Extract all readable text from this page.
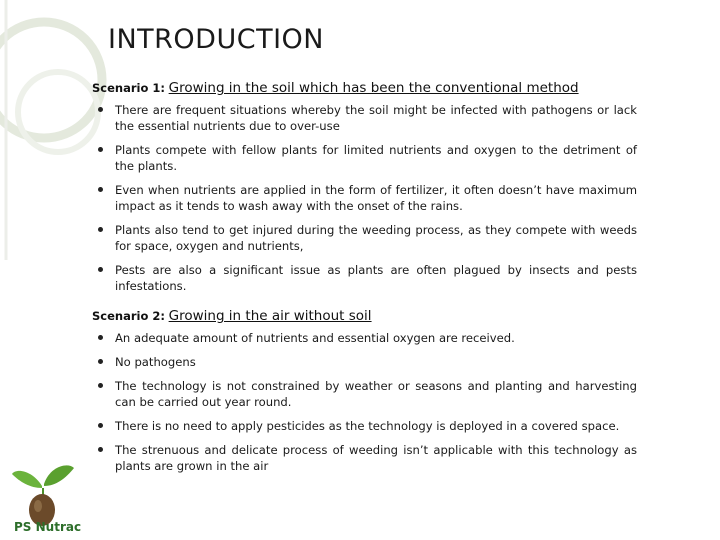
INTRODUCTION
Scenario 1: Growing in the soil which has been the conventional method
There are frequent situations whereby the soil might be infected with pathogens or lack the essential nutrients due to over-use
Plants compete with fellow plants for limited nutrients and oxygen to the detriment of the plants.
Even when nutrients are applied in the form of fertilizer, it often doesn’t have maximum impact as it tends to wash away with the onset of the rains.
Plants also tend to get injured during the weeding process, as they compete with weeds for space, oxygen and nutrients,
Pests are also a significant issue as plants are often plagued by insects and pests infestations.
Scenario 2: Growing in the air without soil
An adequate amount of nutrients and essential oxygen are received.
No pathogens
The technology is not constrained by weather or seasons and planting and harvesting can be carried out year round.
There is no need to apply pesticides as the technology is deployed in a covered space.
The strenuous and delicate process of weeding isn’t applicable with this technology as plants are grown in the air
PS Nutrac
